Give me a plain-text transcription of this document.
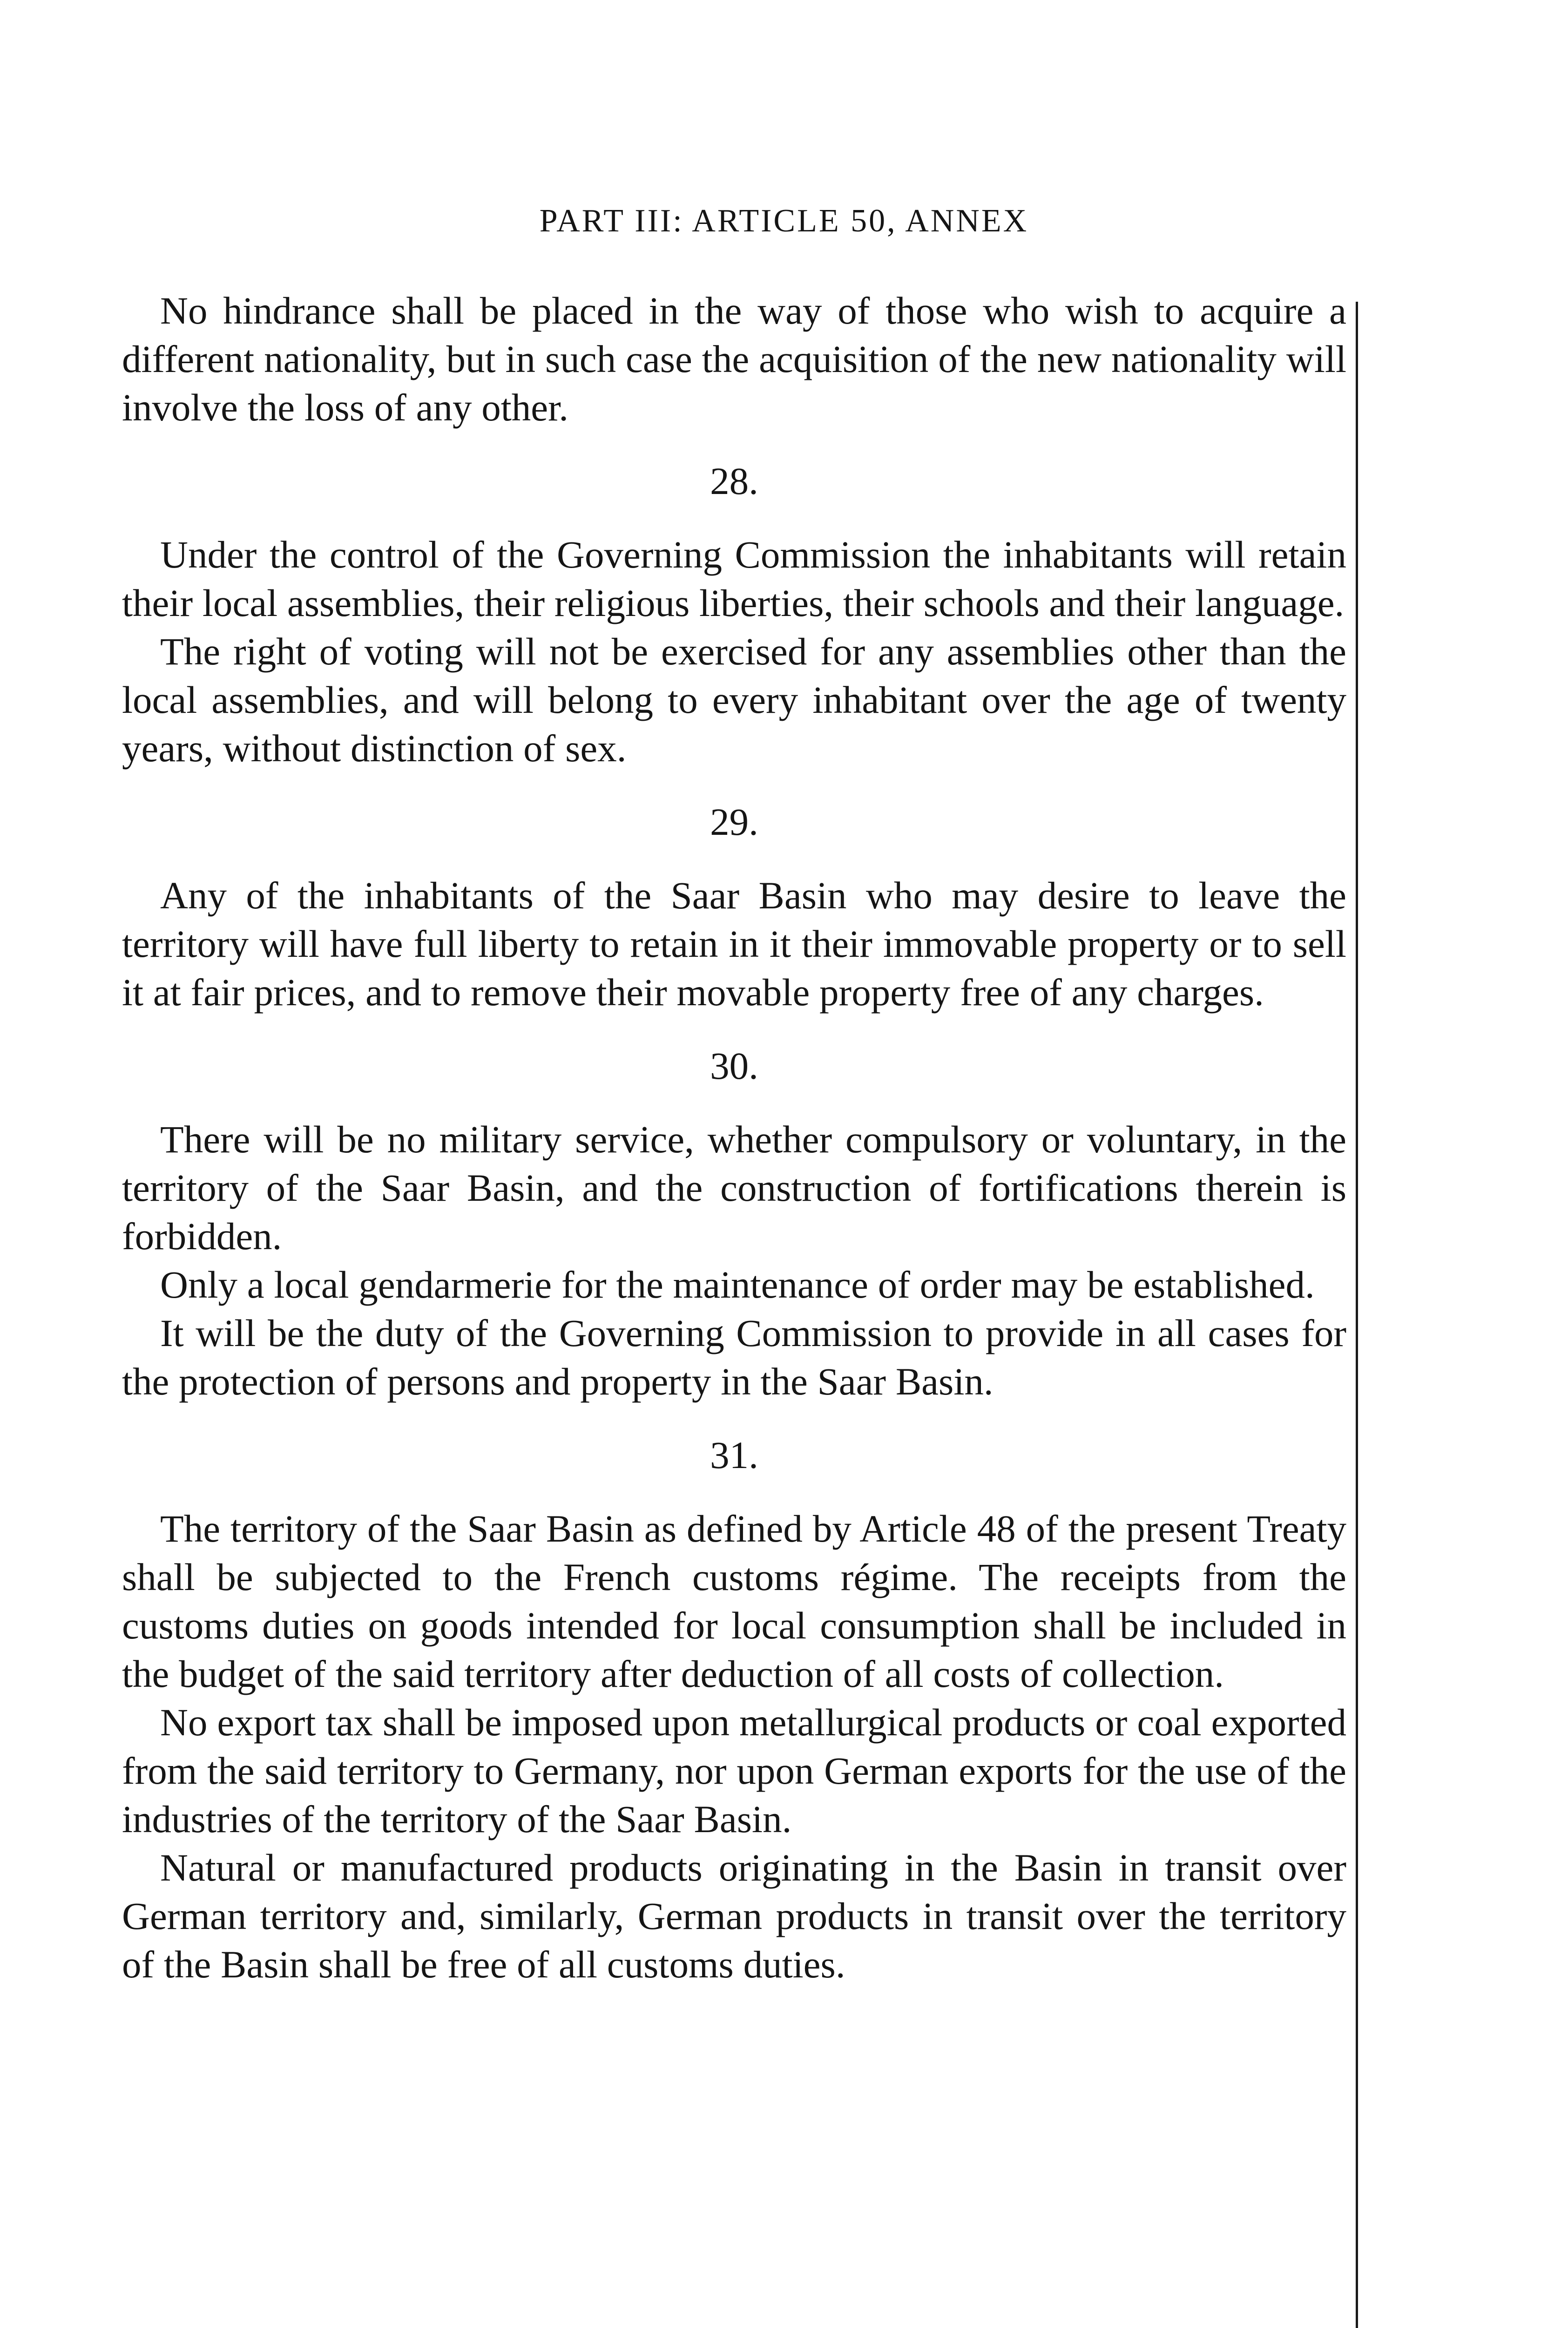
PART III: ARTICLE 50, ANNEX

No hindrance shall be placed in the way of those who wish to acquire a different nationality, but in such case the acquisition of the new nationality will involve the loss of any other.

28.

Under the control of the Governing Commission the inhabitants will retain their local assemblies, their religious liberties, their schools and their language.

The right of voting will not be exercised for any assemblies other than the local assemblies, and will belong to every inhabitant over the age of twenty years, without distinction of sex.

29.

Any of the inhabitants of the Saar Basin who may desire to leave the territory will have full liberty to retain in it their immovable property or to sell it at fair prices, and to remove their movable property free of any charges.

30.

There will be no military service, whether compulsory or voluntary, in the territory of the Saar Basin, and the construction of fortifications therein is forbidden.

Only a local gendarmerie for the maintenance of order may be established.

It will be the duty of the Governing Commission to provide in all cases for the protection of persons and property in the Saar Basin.

31.

The territory of the Saar Basin as defined by Article 48 of the present Treaty shall be subjected to the French customs régime. The receipts from the customs duties on goods intended for local consumption shall be included in the budget of the said territory after deduction of all costs of collection.

No export tax shall be imposed upon metallurgical products or coal exported from the said territory to Germany, nor upon German exports for the use of the industries of the territory of the Saar Basin.

Natural or manufactured products originating in the Basin in transit over German territory and, similarly, German products in transit over the territory of the Basin shall be free of all customs duties.
